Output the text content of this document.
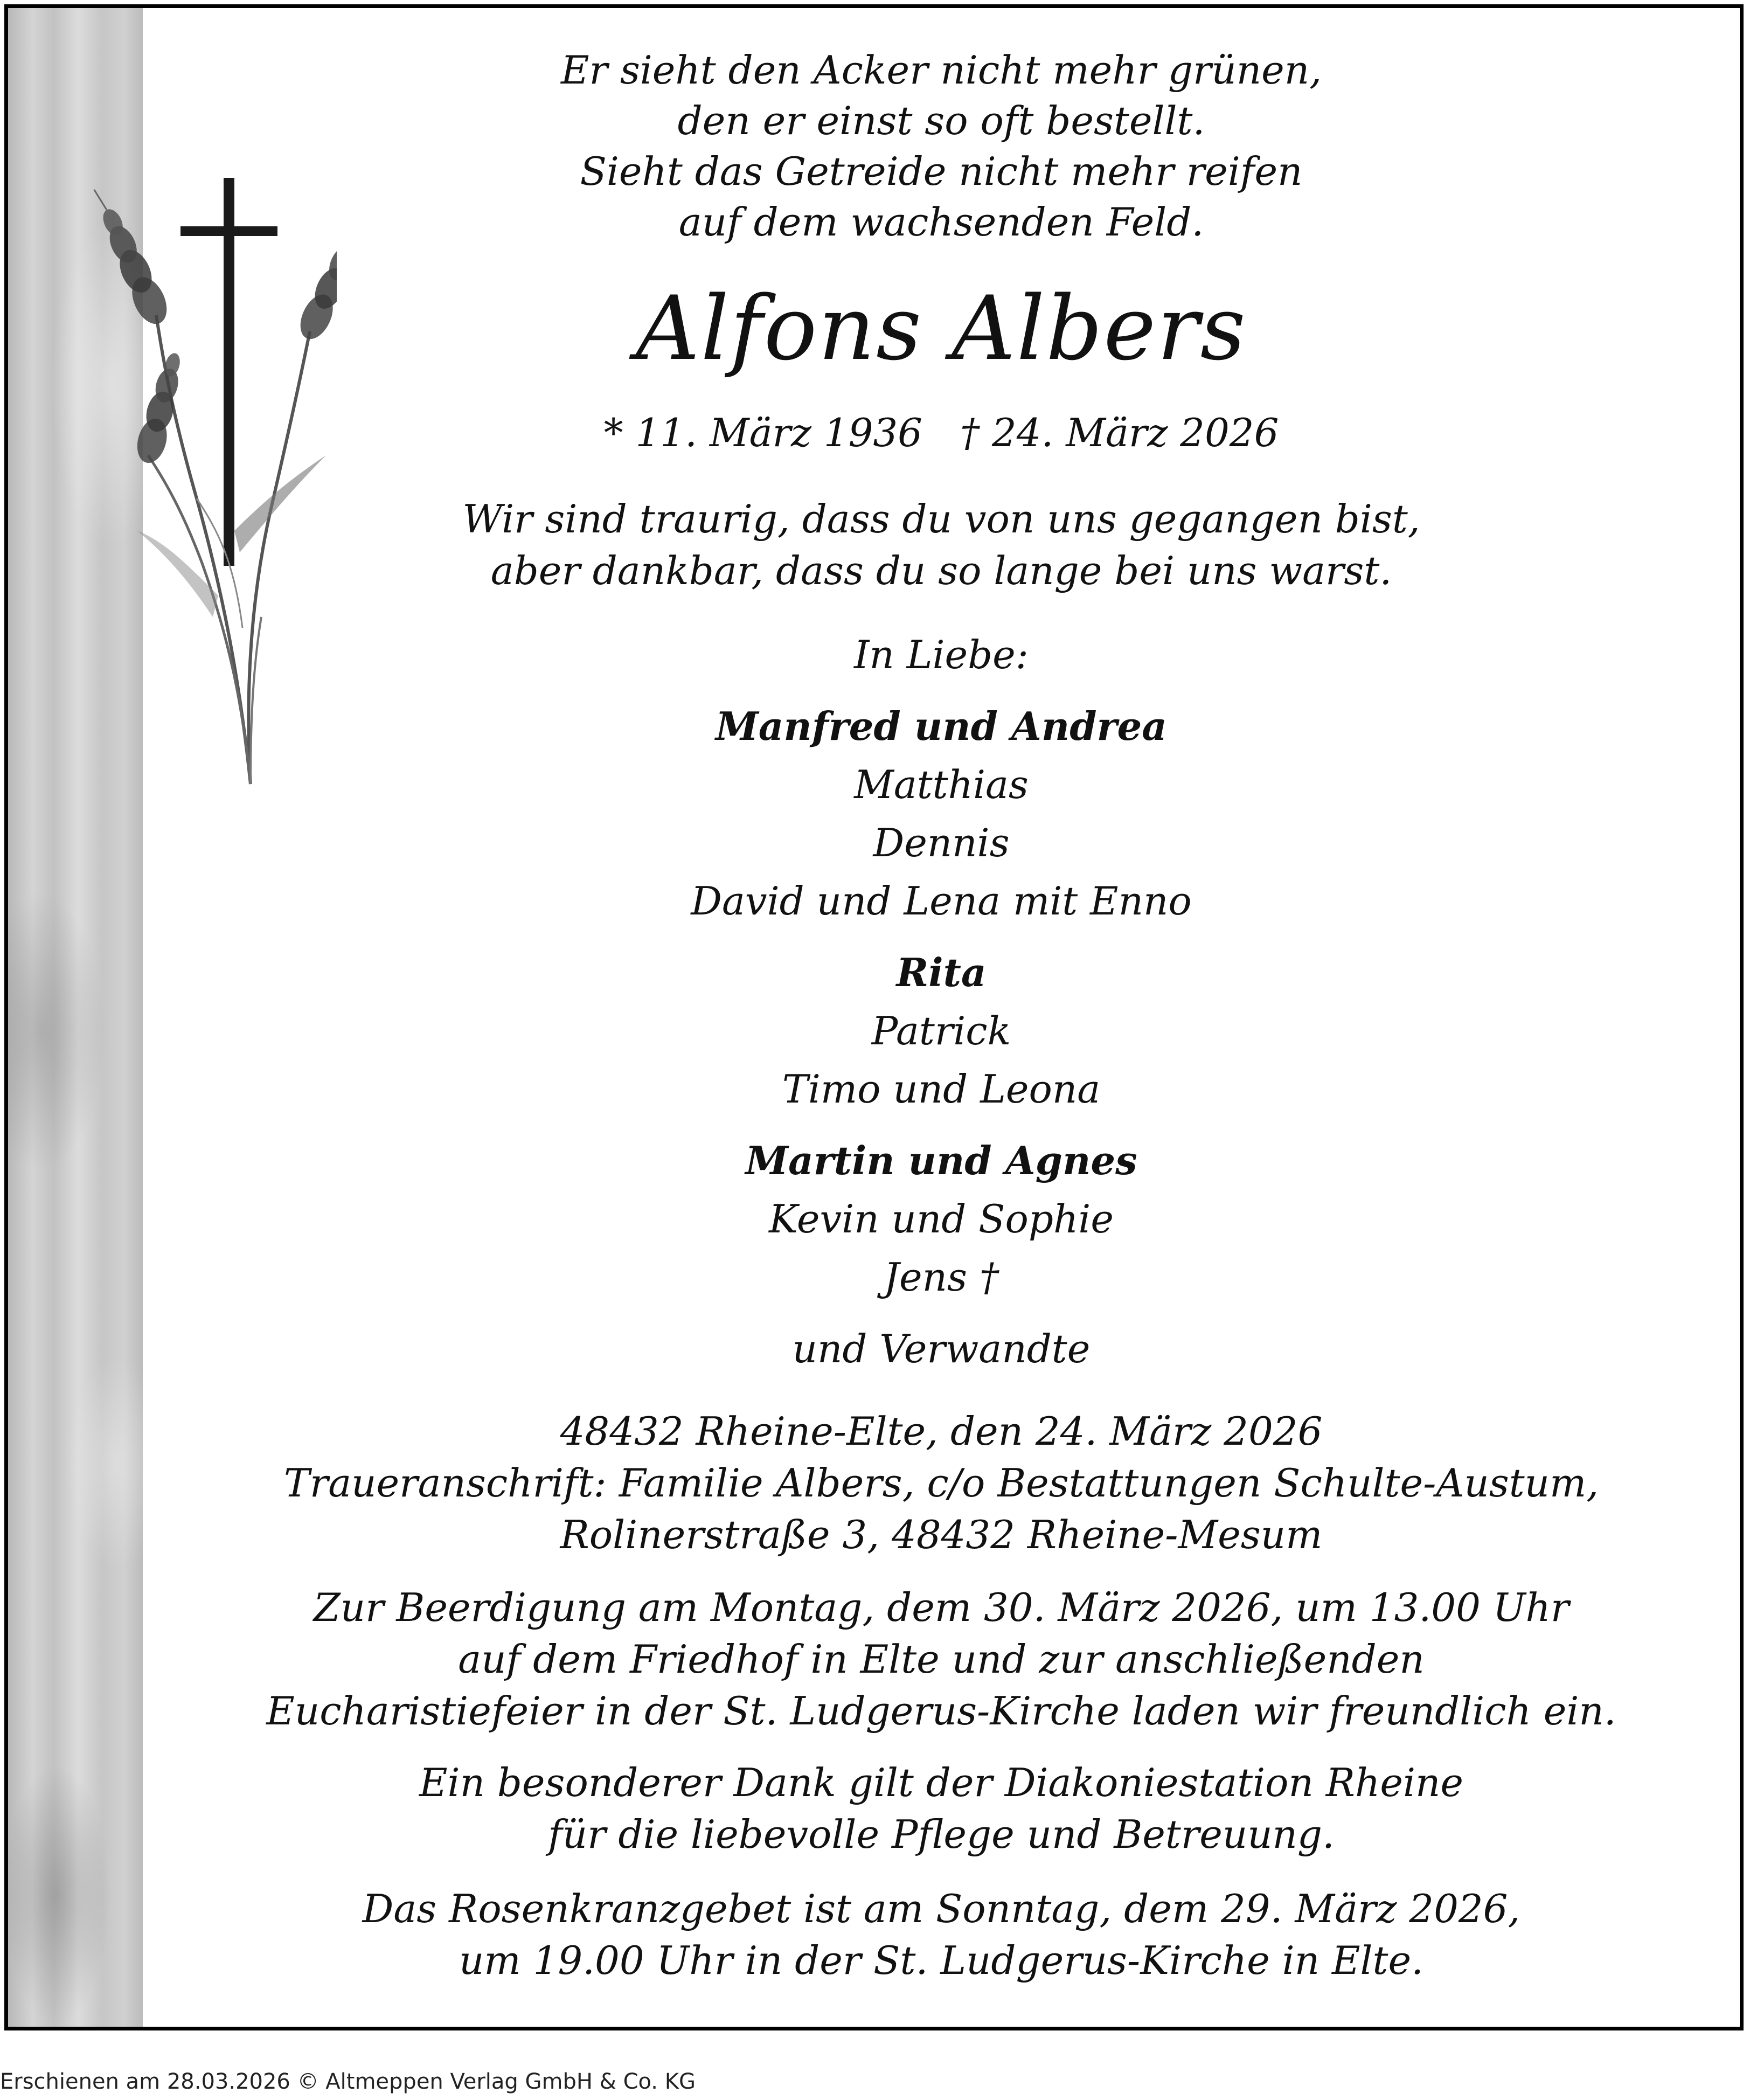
Er sieht den Acker nicht mehr grünen,
den er einst so oft bestellt.
Sieht das Getreide nicht mehr reifen
auf dem wachsenden Feld.

Alfons Albers
* 11. März 1936 † 24. März 2026
Wir sind traurig, dass du von uns gegangen bist,
aber dankbar, dass du so lange bei uns warst.
In Liebe:
Manfred und Andrea
Matthias
Dennis
David und Lena mit Enno
Rita
Patrick
Timo und Leona
Martin und Agnes
Kevin und Sophie
Jens †
und Verwandte
48432 Rheine-Elte, den 24. März 2026
Traueranschrift: Familie Albers, c/o Bestattungen Schulte-Austum,
Rolinerstraße 3, 48432 Rheine-Mesum
Zur Beerdigung am Montag, dem 30. März 2026, um 13.00 Uhr
auf dem Friedhof in Elte und zur anschließenden
Eucharistiefeier in der St. Ludgerus-Kirche laden wir freundlich ein.
Ein besonderer Dank gilt der Diakoniestation Rheine
für die liebevolle Pflege und Betreuung.
Das Rosenkranzgebet ist am Sonntag, dem 29. März 2026,
um 19.00 Uhr in der St. Ludgerus-Kirche in Elte.
Erschienen am 28.03.2026 © Altmeppen Verlag GmbH & Co. KG
